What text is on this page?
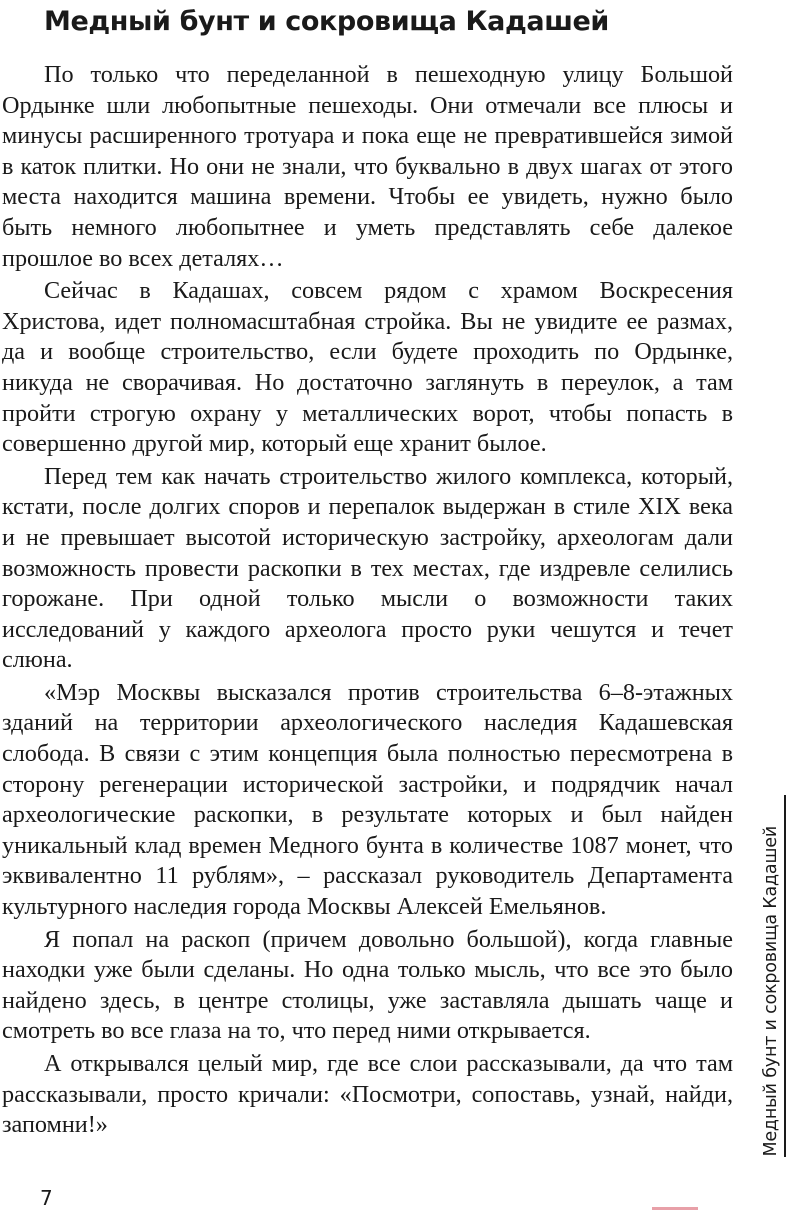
Медный бунт и сокровища Кадашей

По только что переделанной в пешеходную улицу Большой Ордынке шли любопытные пешеходы. Они отмечали все плюсы и минусы расширенного тротуара и пока еще не превратившейся зимой в каток плитки. Но они не знали, что буквально в двух шагах от этого места находится машина времени. Чтобы ее увидеть, нужно было быть немного любопытнее и уметь представлять себе далекое прошлое во всех деталях…

Сейчас в Кадашах, совсем рядом с храмом Воскресения Христова, идет полномасштабная стройка. Вы не увидите ее размах, да и вообще строительство, если будете проходить по Ордынке, никуда не сворачивая. Но достаточно заглянуть в переулок, а там пройти строгую охрану у металлических ворот, чтобы попасть в совершенно другой мир, который еще хранит былое.

Перед тем как начать строительство жилого комплекса, который, кстати, после долгих споров и перепалок выдержан в стиле XIX века и не превышает высотой историческую застройку, археологам дали возможность провести раскопки в тех местах, где издревле селились горожане. При одной только мысли о возможности таких исследований у каждого археолога просто руки чешутся и течет слюна.

«Мэр Москвы высказался против строительства 6–8-этажных зданий на территории археологического наследия Кадашевская слобода. В связи с этим концепция была полностью пересмотрена в сторону регенерации исторической застройки, и подрядчик начал археологические раскопки, в результате которых и был найден уникальный клад времен Медного бунта в количестве 1087 монет, что эквивалентно 11 рублям», – рассказал руководитель Департамента культурного наследия города Москвы Алексей Емельянов.

Я попал на раскоп (причем довольно большой), когда главные находки уже были сделаны. Но одна только мысль, что все это было найдено здесь, в центре столицы, уже заставляла дышать чаще и смотреть во все глаза на то, что перед ними открывается.

А открывался целый мир, где все слои рассказывали, да что там рассказывали, просто кричали: «Посмотри, сопоставь, узнай, найди, запомни!»	Медный бунт и сокровища Кадашей
7
